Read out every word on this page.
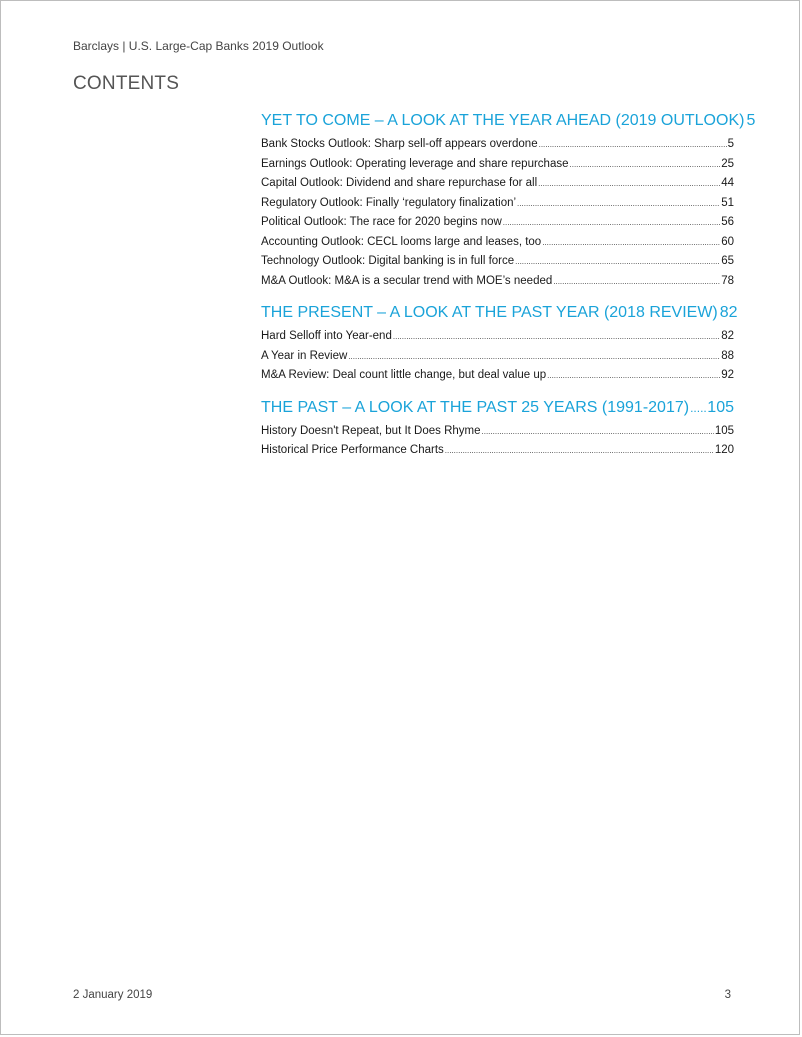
Barclays | U.S. Large-Cap Banks 2019 Outlook
CONTENTS
YET TO COME – A LOOK AT THE YEAR AHEAD (2019 OUTLOOK) 5
Bank Stocks Outlook: Sharp sell-off appears overdone .....	5
Earnings Outlook: Operating leverage and share repurchase .....	25
Capital Outlook: Dividend and share repurchase for all .....	44
Regulatory Outlook: Finally ‘regulatory finalization’ .....	51
Political Outlook: The race for 2020 begins now .....	56
Accounting Outlook: CECL looms large and leases, too .....	60
Technology Outlook: Digital banking is in full force .....	65
M&A Outlook: M&A is a secular trend with MOE’s needed .....	78
THE PRESENT – A LOOK AT THE PAST YEAR (2018 REVIEW) 82
Hard Selloff into Year-end .....	82
A Year in Review .....	88
M&A Review: Deal count little change, but deal value up .....	92
THE PAST – A LOOK AT THE PAST 25 YEARS (1991-2017) ..... 105
History Doesn't Repeat, but It Does Rhyme .....	105
Historical Price Performance Charts .....	120
2 January 2019	3
